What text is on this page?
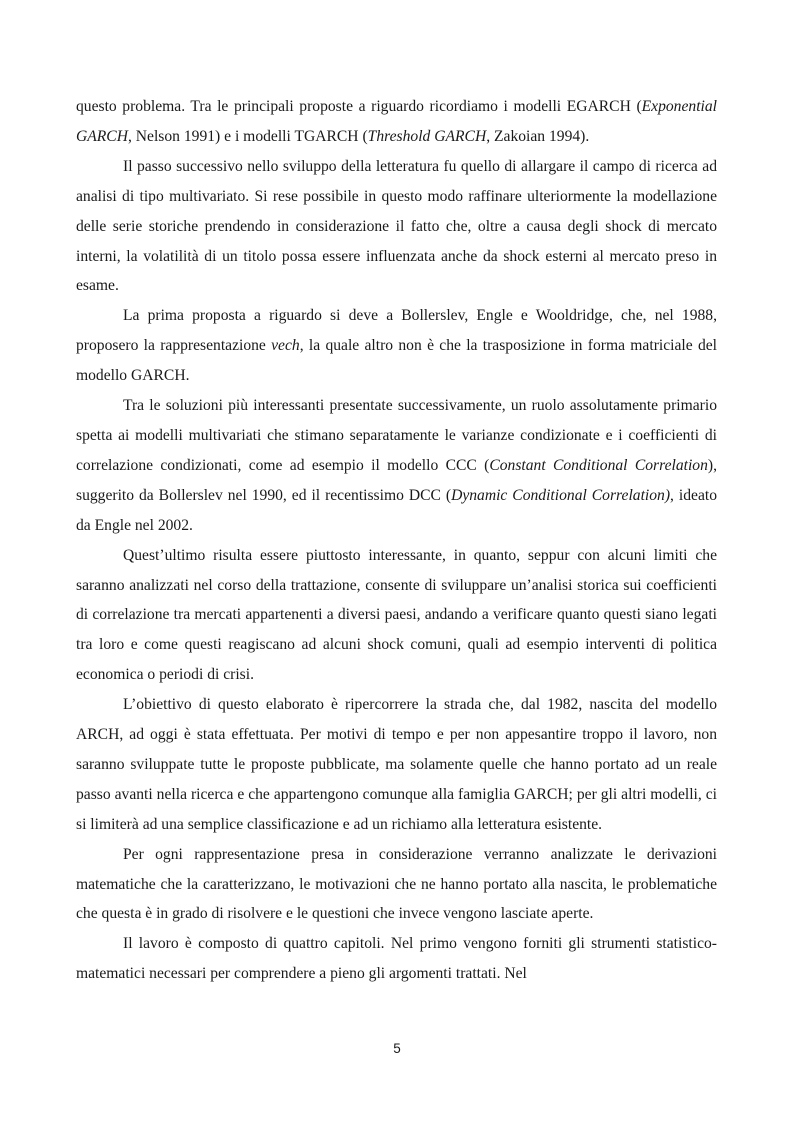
questo problema. Tra le principali proposte a riguardo ricordiamo i modelli EGARCH (Exponential GARCH, Nelson 1991) e i modelli TGARCH (Threshold GARCH, Zakoian 1994).

Il passo successivo nello sviluppo della letteratura fu quello di allargare il campo di ricerca ad analisi di tipo multivariato. Si rese possibile in questo modo raffinare ulteriormente la modellazione delle serie storiche prendendo in considerazione il fatto che, oltre a causa degli shock di mercato interni, la volatilità di un titolo possa essere influenzata anche da shock esterni al mercato preso in esame.

La prima proposta a riguardo si deve a Bollerslev, Engle e Wooldridge, che, nel 1988, proposero la rappresentazione vech, la quale altro non è che la trasposizione in forma matriciale del modello GARCH.

Tra le soluzioni più interessanti presentate successivamente, un ruolo assolutamente primario spetta ai modelli multivariati che stimano separatamente le varianze condizionate e i coefficienti di correlazione condizionati, come ad esempio il modello CCC (Constant Conditional Correlation), suggerito da Bollerslev nel 1990, ed il recentissimo DCC (Dynamic Conditional Correlation), ideato da Engle nel 2002.

Quest’ultimo risulta essere piuttosto interessante, in quanto, seppur con alcuni limiti che saranno analizzati nel corso della trattazione, consente di sviluppare un’analisi storica sui coefficienti di correlazione tra mercati appartenenti a diversi paesi, andando a verificare quanto questi siano legati tra loro e come questi reagiscano ad alcuni shock comuni, quali ad esempio interventi di politica economica o periodi di crisi.

L’obiettivo di questo elaborato è ripercorrere la strada che, dal 1982, nascita del modello ARCH, ad oggi è stata effettuata. Per motivi di tempo e per non appesantire troppo il lavoro, non saranno sviluppate tutte le proposte pubblicate, ma solamente quelle che hanno portato ad un reale passo avanti nella ricerca e che appartengono comunque alla famiglia GARCH; per gli altri modelli, ci si limiterà ad una semplice classificazione e ad un richiamo alla letteratura esistente.

Per ogni rappresentazione presa in considerazione verranno analizzate le derivazioni matematiche che la caratterizzano, le motivazioni che ne hanno portato alla nascita, le problematiche che questa è in grado di risolvere e le questioni che invece vengono lasciate aperte.

Il lavoro è composto di quattro capitoli. Nel primo vengono forniti gli strumenti statistico-matematici necessari per comprendere a pieno gli argomenti trattati. Nel

5
